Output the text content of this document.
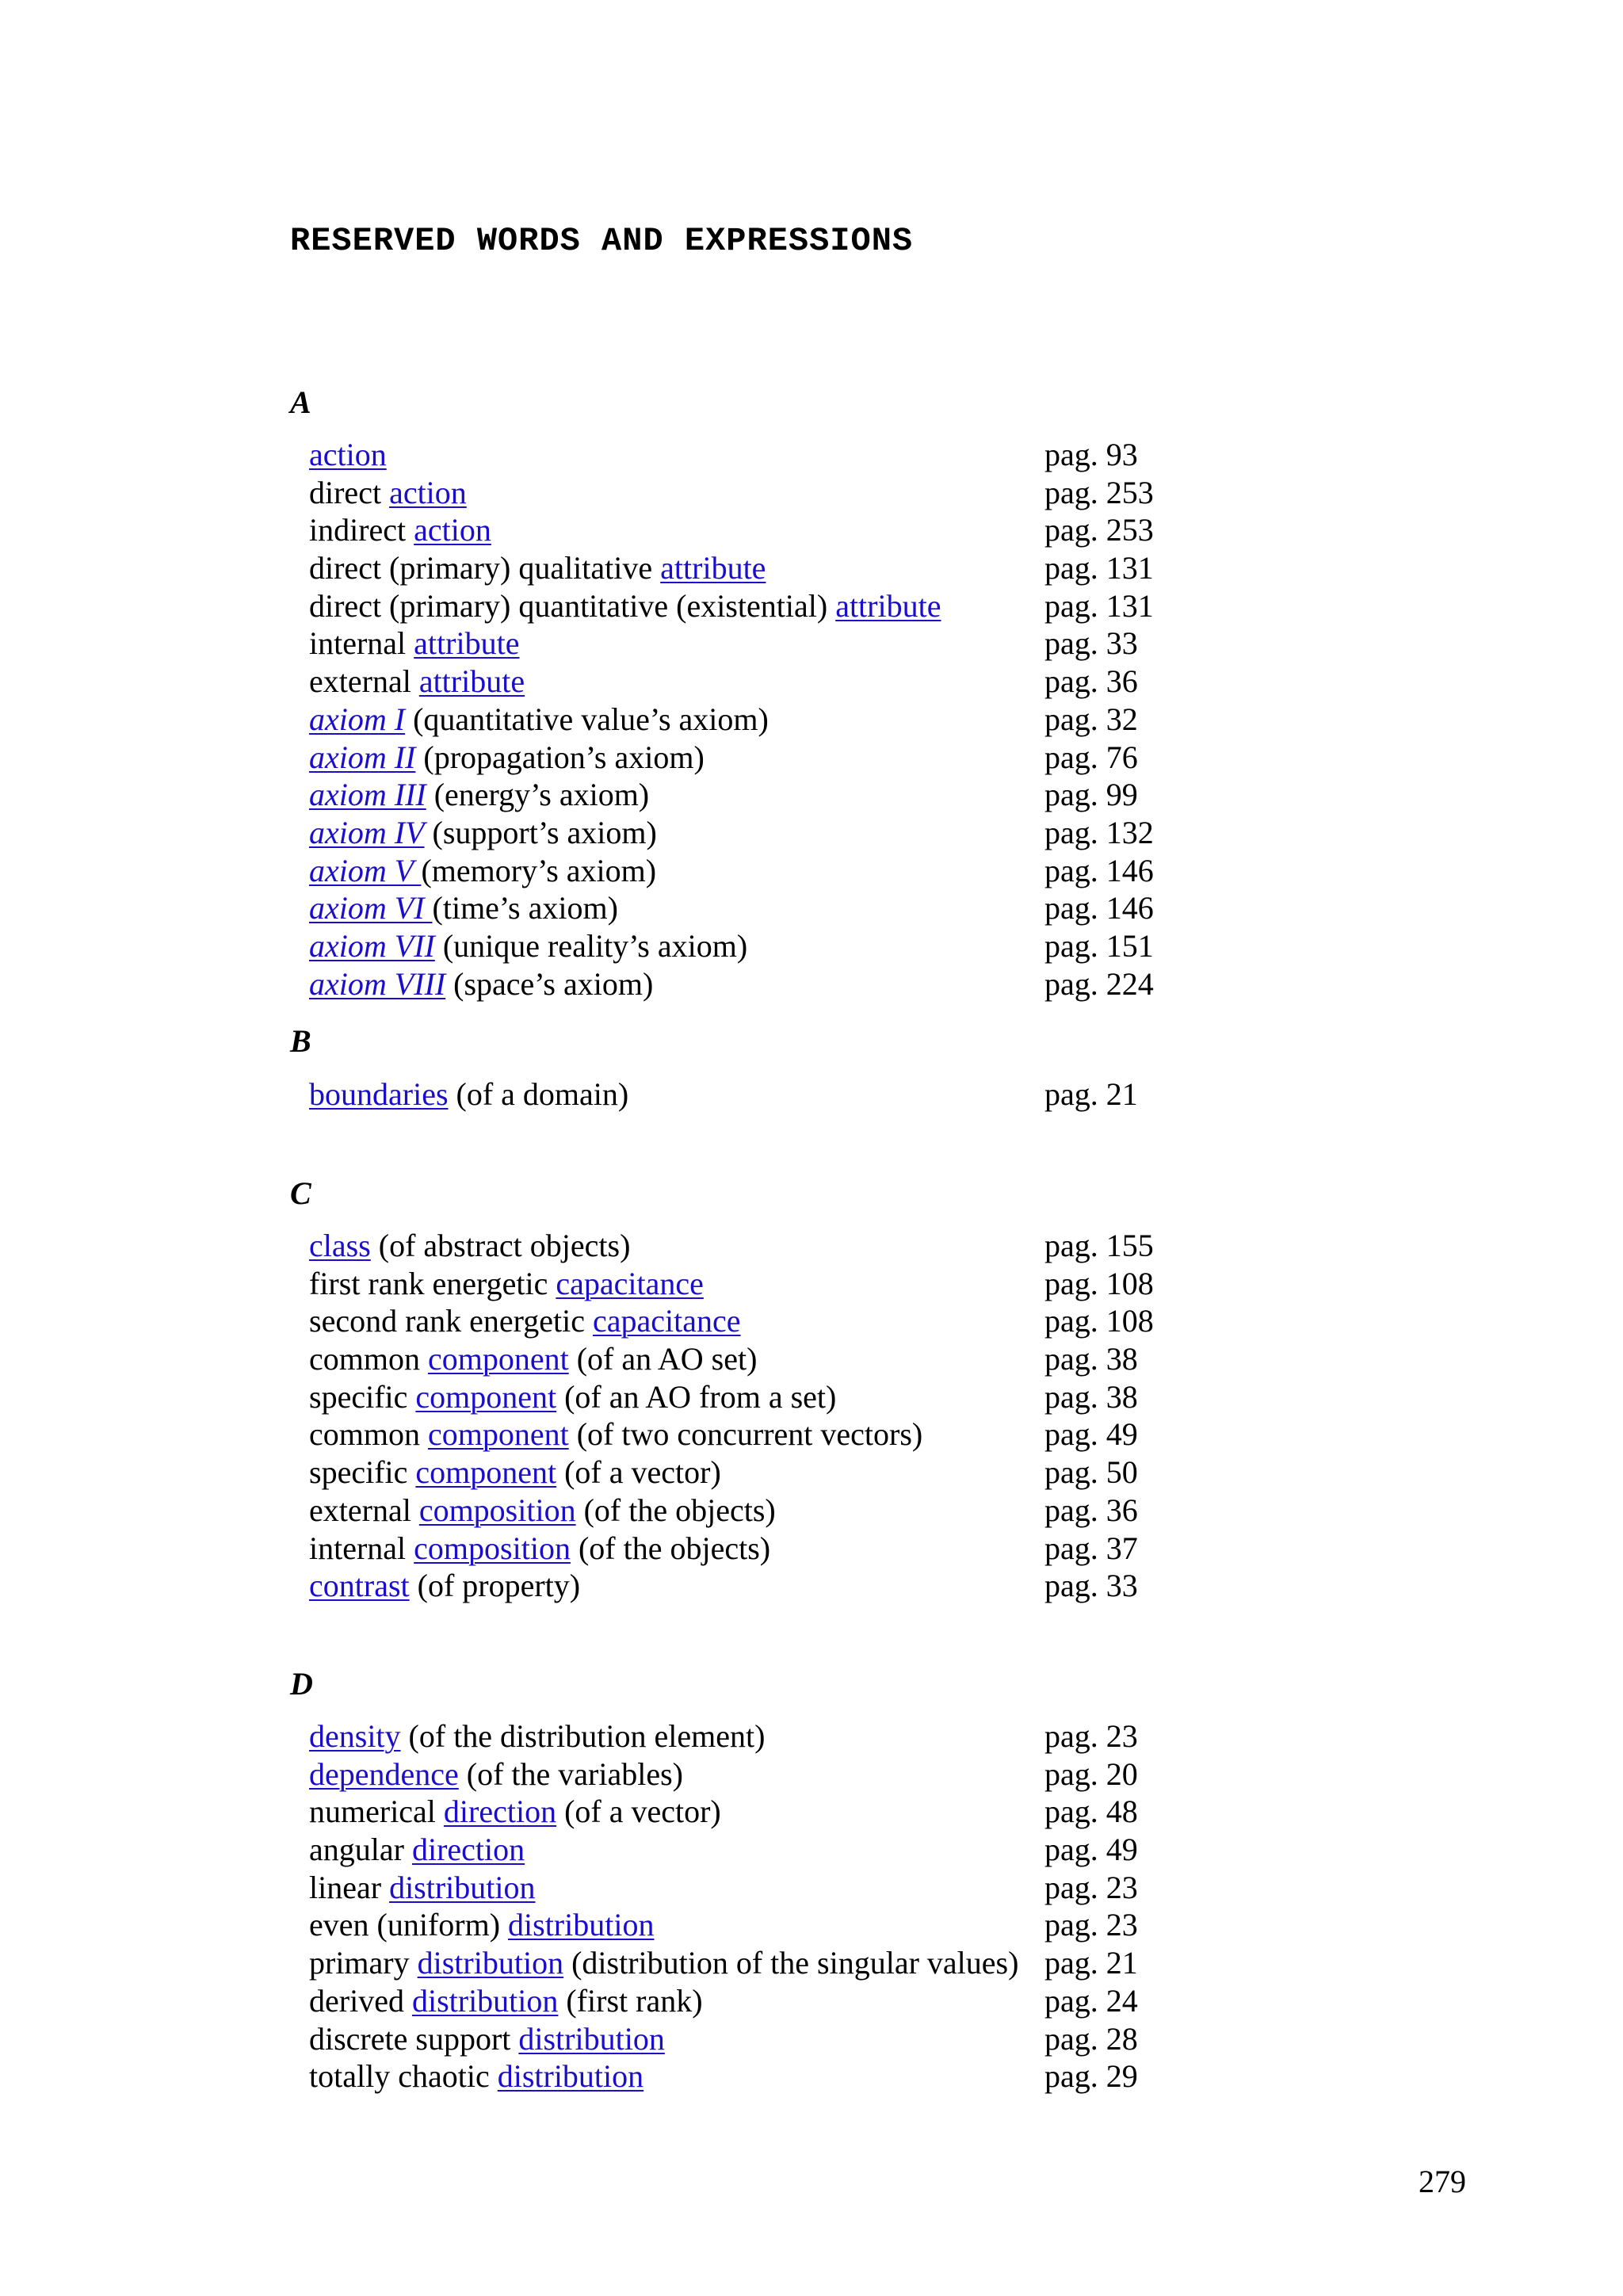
RESERVED WORDS AND EXPRESSIONS
A
action	pag. 93
direct action	pag. 253
indirect action	pag. 253
direct (primary) qualitative attribute	pag. 131
direct (primary) quantitative (existential) attribute	pag. 131
internal attribute	pag. 33
external attribute	pag. 36
axiom I (quantitative value’s axiom)	pag. 32
axiom II (propagation’s axiom)	pag. 76
axiom III (energy’s axiom)	pag. 99
axiom IV (support’s axiom)	pag. 132
axiom V (memory’s axiom)	pag. 146
axiom VI (time’s axiom)	pag. 146
axiom VII (unique reality’s axiom)	pag. 151
axiom VIII (space’s axiom)	pag. 224
B
boundaries (of a domain)	pag. 21
C
class (of abstract objects)	pag. 155
first rank energetic capacitance	pag. 108
second rank energetic capacitance	pag. 108
common component (of an AO set)	pag. 38
specific component (of an AO from a set)	pag. 38
common component (of two concurrent vectors)	pag. 49
specific component (of a vector)	pag. 50
external composition (of the objects)	pag. 36
internal composition (of the objects)	pag. 37
contrast (of property)	pag. 33
D
density (of the distribution element)	pag. 23
dependence (of the variables)	pag. 20
numerical direction (of a vector)	pag. 48
angular direction	pag. 49
linear distribution	pag. 23
even (uniform) distribution	pag. 23
primary distribution (distribution of the singular values) pag. 21
derived distribution (first rank)	pag. 24
discrete support distribution	pag. 28
totally chaotic distribution	pag. 29
279
